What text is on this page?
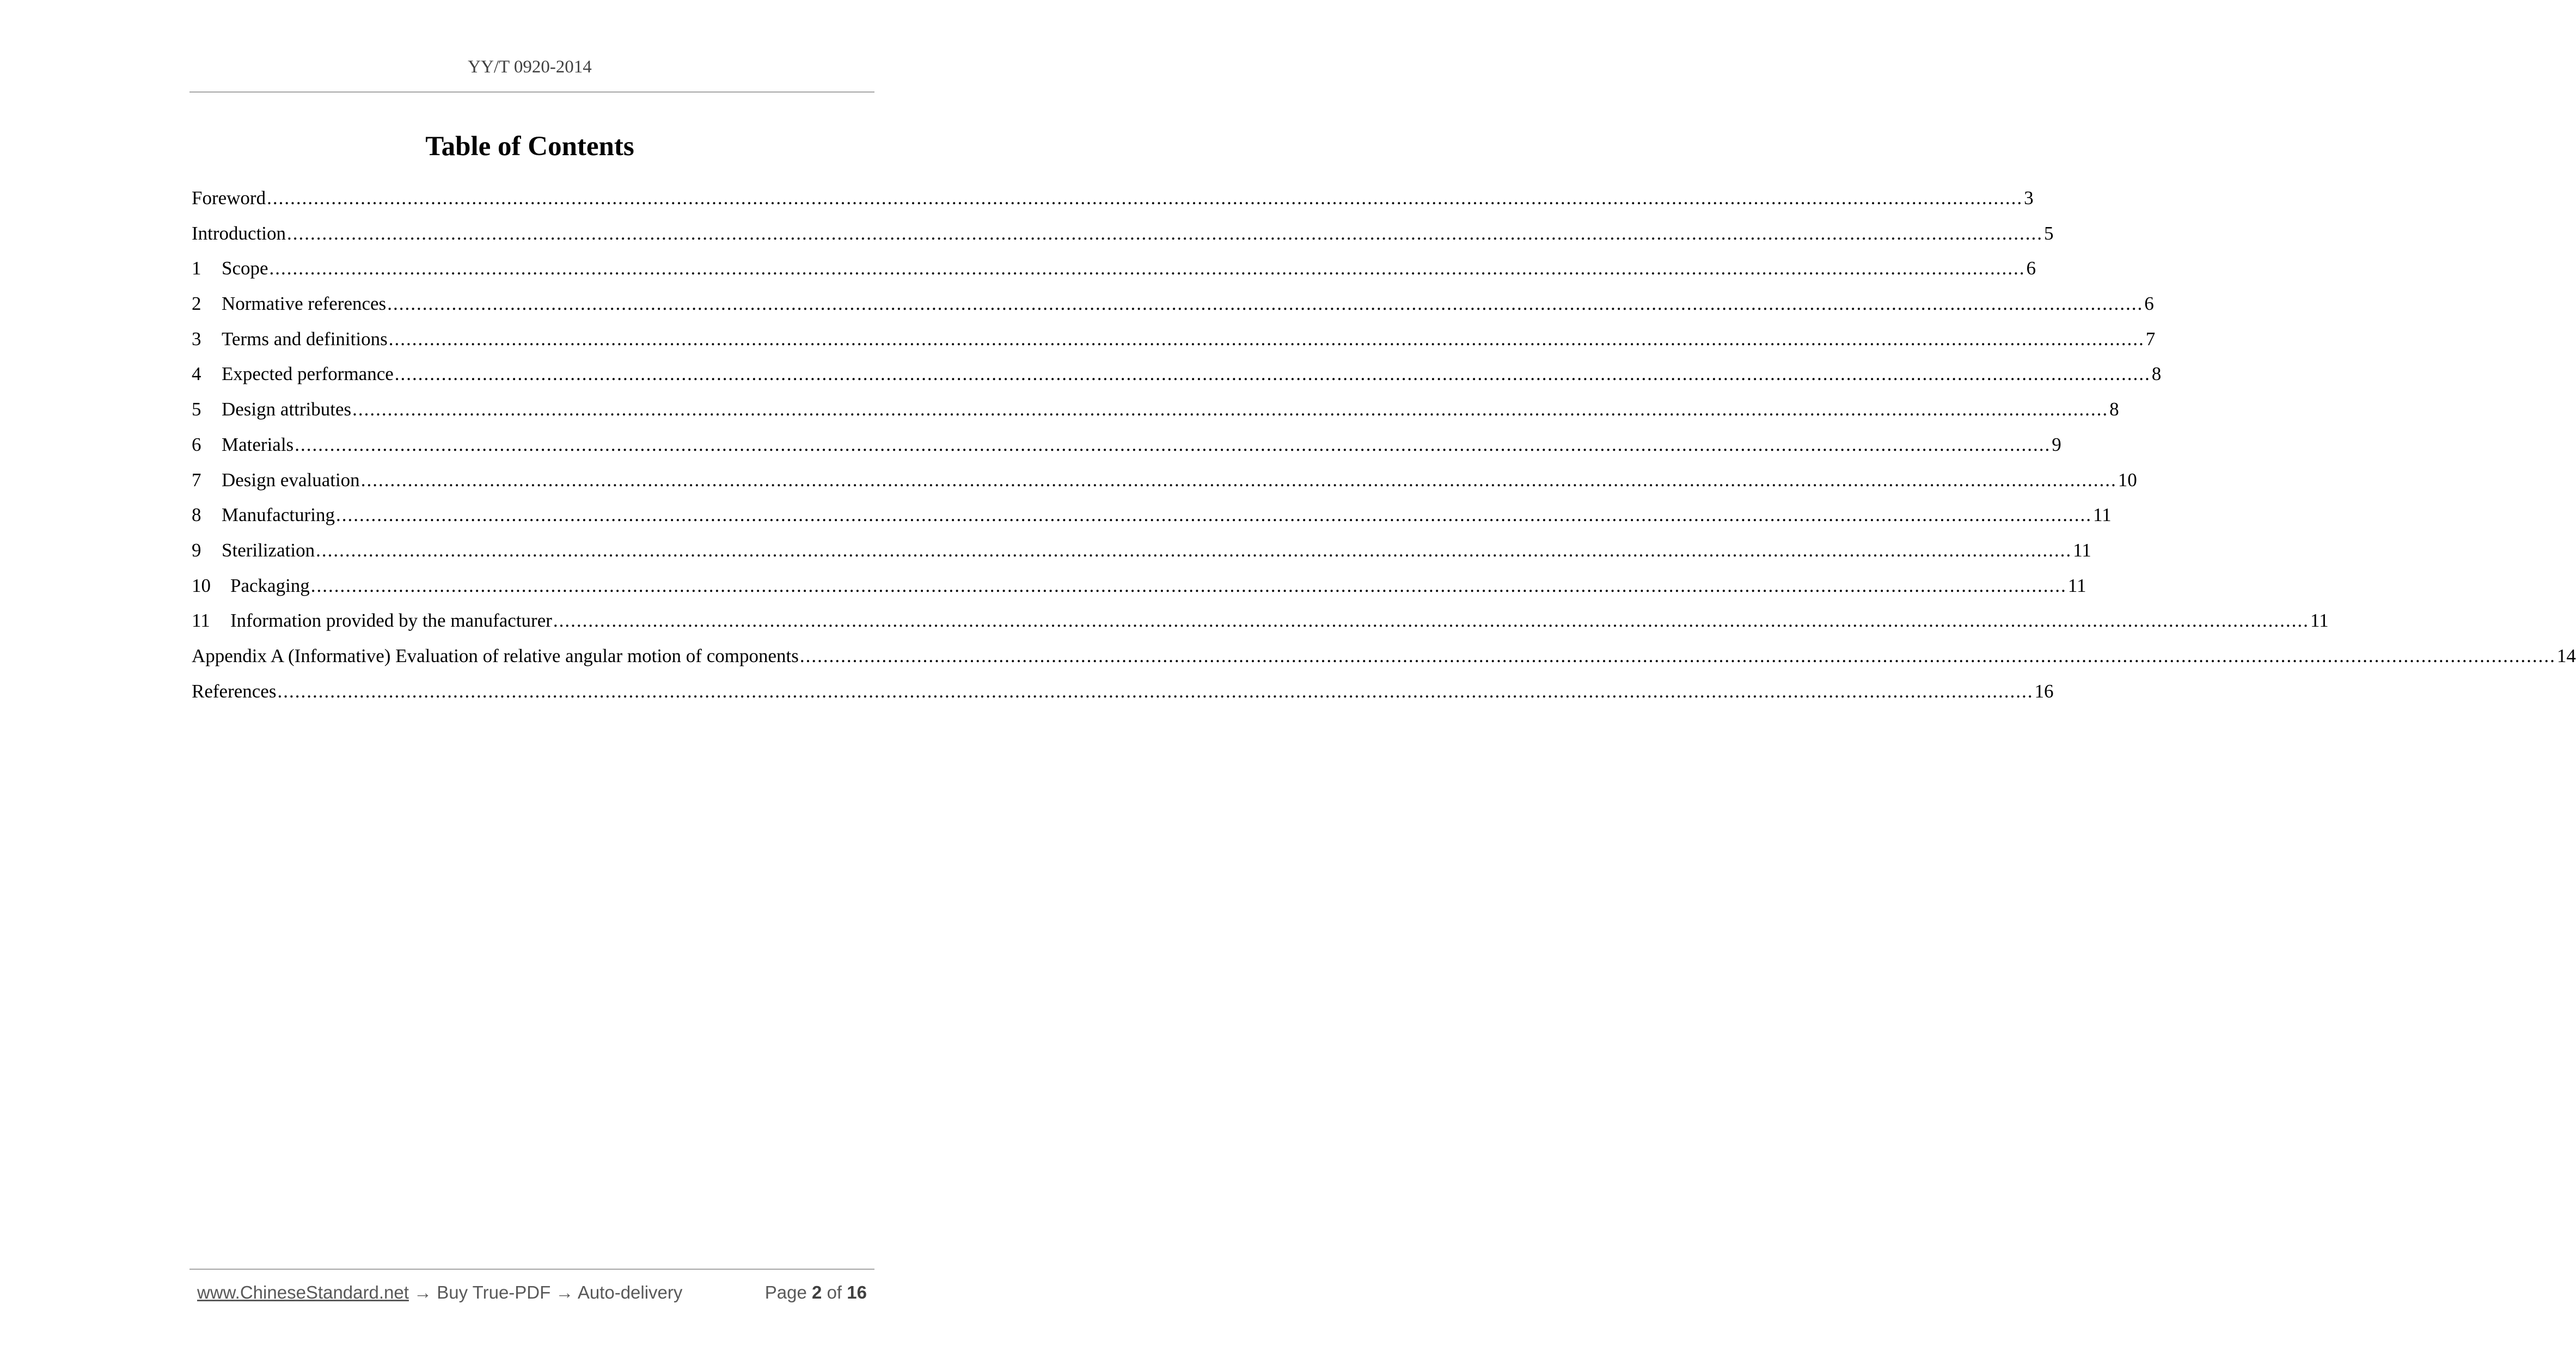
YY/T 0920-2014
Table of Contents
Foreword ............................................................................................................................................................................................................................................................................................................ 3
Introduction ............................................................................................................................................................................................................................................................................................................ 5
1	Scope ............................................................................................................................................................................................................................................................................................................ 6
2	Normative references ............................................................................................................................................................................................................................................................................................................ 6
3	Terms and definitions ............................................................................................................................................................................................................................................................................................................ 7
4	Expected performance ............................................................................................................................................................................................................................................................................................................ 8
5	Design attributes ............................................................................................................................................................................................................................................................................................................ 8
6	Materials ............................................................................................................................................................................................................................................................................................................ 9
7	Design evaluation ............................................................................................................................................................................................................................................................................................................ 10
8	Manufacturing ............................................................................................................................................................................................................................................................................................................ 11
9	Sterilization ............................................................................................................................................................................................................................................................................................................ 11
10	Packaging ............................................................................................................................................................................................................................................................................................................ 11
11	Information provided by the manufacturer ............................................................................................................................................................................................................................................................................................................ 11
Appendix A (Informative) Evaluation of relative angular motion of components ............................................................................................................................................................................................................................................................................................................ 14
References ............................................................................................................................................................................................................................................................................................................ 16
www.ChineseStandard.net → Buy True-PDF → Auto-delivery	Page 2 of 16
